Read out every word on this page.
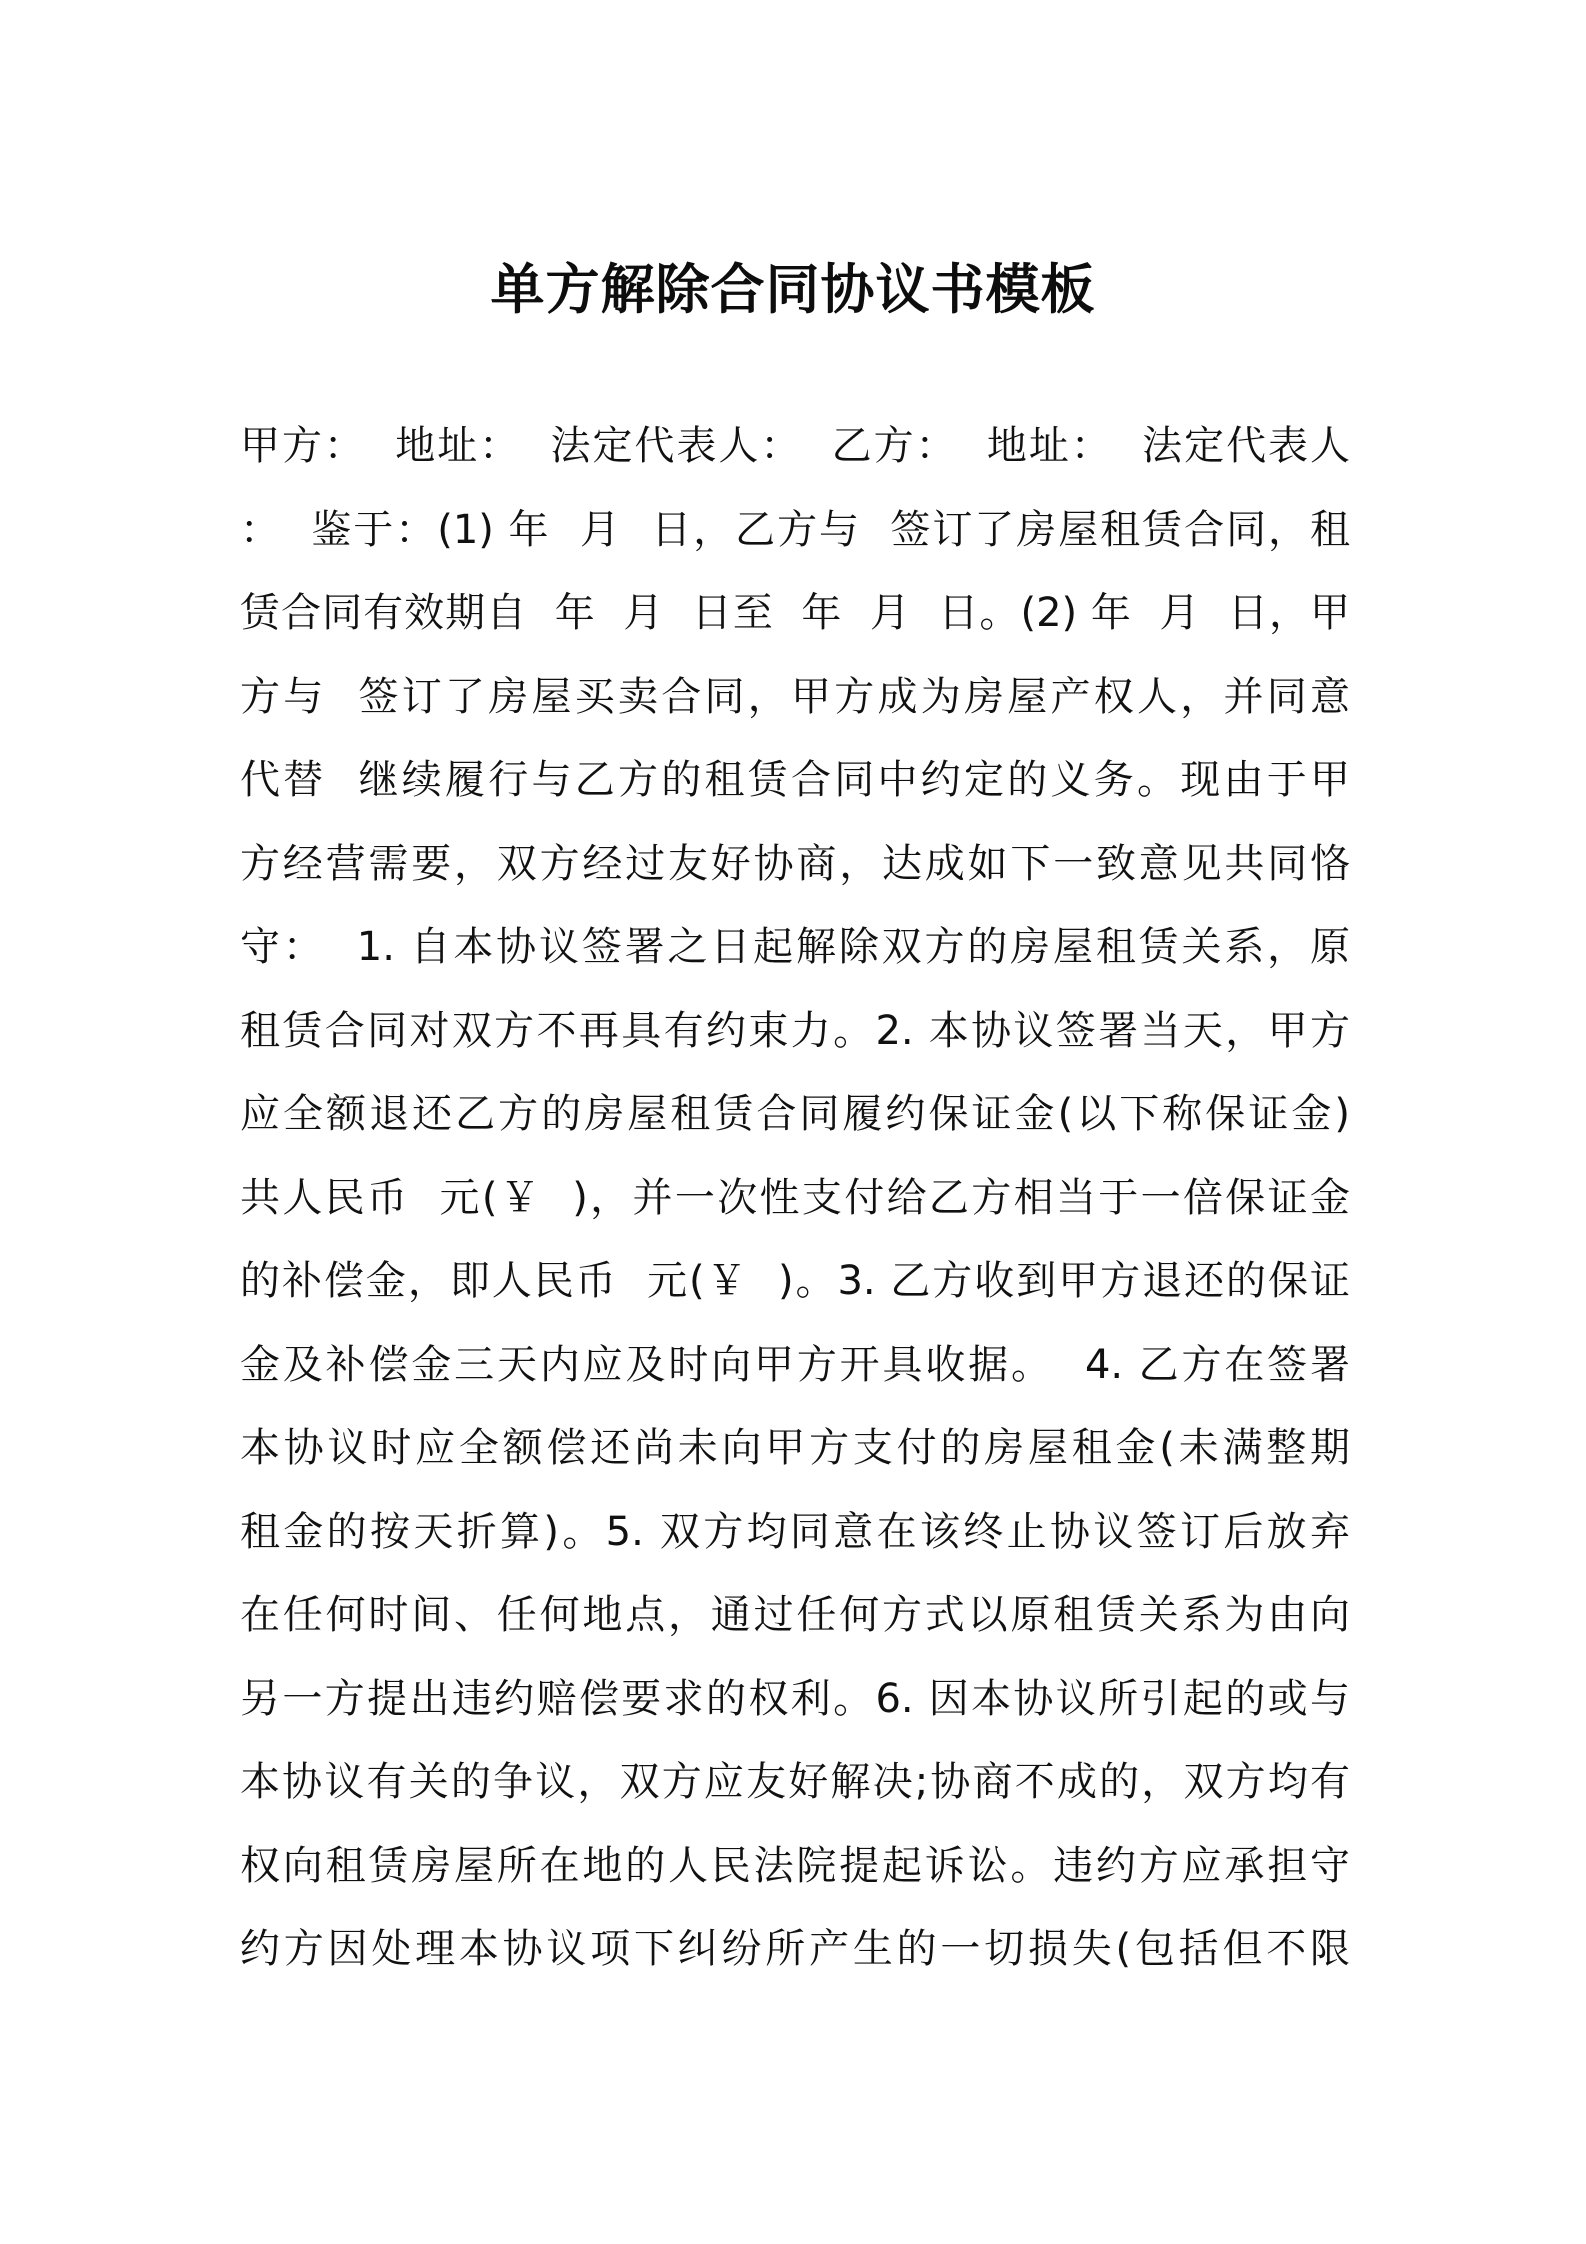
单方解除合同协议书模板
甲方：  地址：  法定代表人：  乙方：  地址：  法定代表人
：  鉴于：(1) 年  月  日，乙方与  签订了房屋租赁合同，租
赁合同有效期自  年  月  日至  年  月  日。(2) 年  月  日，甲
方与  签订了房屋买卖合同，甲方成为房屋产权人，并同意
代替  继续履行与乙方的租赁合同中约定的义务。现由于甲
方经营需要，双方经过友好协商，达成如下一致意见共同恪
守：  1. 自本协议签署之日起解除双方的房屋租赁关系，原
租赁合同对双方不再具有约束力。2. 本协议签署当天，甲方
应全额退还乙方的房屋租赁合同履约保证金(以下称保证金)
共人民币  元(￥  )，并一次性支付给乙方相当于一倍保证金
的补偿金，即人民币  元(￥  )。3. 乙方收到甲方退还的保证
金及补偿金三天内应及时向甲方开具收据。  4. 乙方在签署
本协议时应全额偿还尚未向甲方支付的房屋租金(未满整期
租金的按天折算)。5. 双方均同意在该终止协议签订后放弃
在任何时间、任何地点，通过任何方式以原租赁关系为由向
另一方提出违约赔偿要求的权利。6. 因本协议所引起的或与
本协议有关的争议，双方应友好解决;协商不成的，双方均有
权向租赁房屋所在地的人民法院提起诉讼。违约方应承担守
约方因处理本协议项下纠纷所产生的一切损失(包括但不限
